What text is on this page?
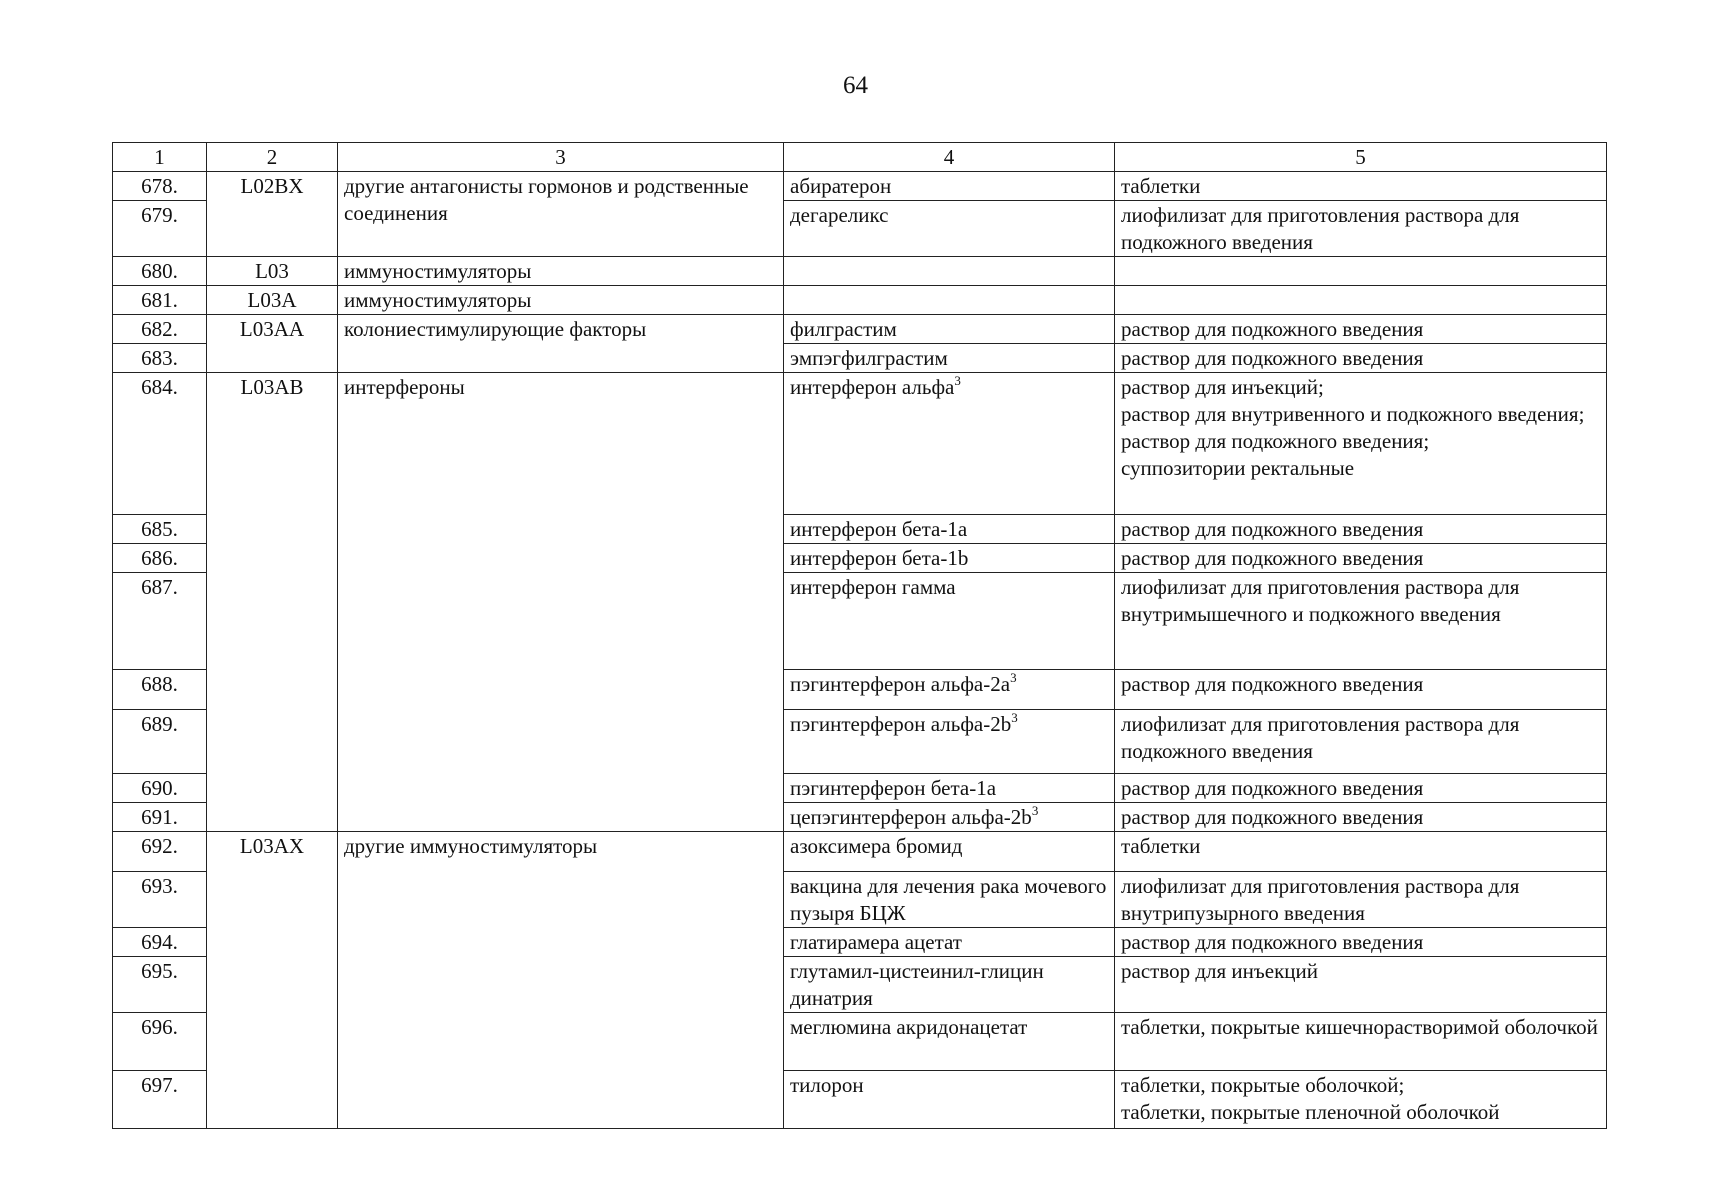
64
1	2	3	4	5
678.	L02BX	другие антагонисты гормонов и родственные соединения	абиратерон	таблетки
679.			дегареликс	лиофилизат для приготовления раствора для подкожного введения
680.	L03	иммуностимуляторы		
681.	L03A	иммуностимуляторы		
682.	L03AA	колониестимулирующие факторы	филграстим	раствор для подкожного введения
683.			эмпэгфилграстим	раствор для подкожного введения
684.	L03AB	интерфероны	интерферон альфа$^3$	раствор для инъекций;
раствор для внутривенного и подкожного введения;
раствор для подкожного введения;
суппозитории ректальные

685.			интерферон бета-1a	раствор для подкожного введения
686.			интерферон бета-1b	раствор для подкожного введения
687.			интерферон гамма	лиофилизат для приготовления раствора для внутримышечного и подкожного введения
688.			пэгинтерферон альфа-$2a^3$	раствор для подкожного введения
689.			пэгинтерферон альфа-$2b^3$	лиофилизат для приготовления раствора для подкожного введения
690.			пэгинтерферон бета-1a	раствор для подкожного введения
691.			цепэгинтерферон альфа-$2b^3$	раствор для подкожного введения
692.	L03AX	другие иммуностимуляторы	азоксимера бромид	таблетки
693.			вакцина для лечения рака мочевого пузыря БЦЖ	лиофилизат для приготовления раствора для внутрипузырного введения
694.			глатирамера ацетат	раствор для подкожного введения
695.			глутамил-цистеинил-глицин динатрия	раствор для инъекций
696.			меглюмина акридонацетат	таблетки, покрытые кишечнорастворимой оболочкой
697.			тилорон	таблетки, покрытые оболочкой;
таблетки, покрытые пленочной оболочкой
